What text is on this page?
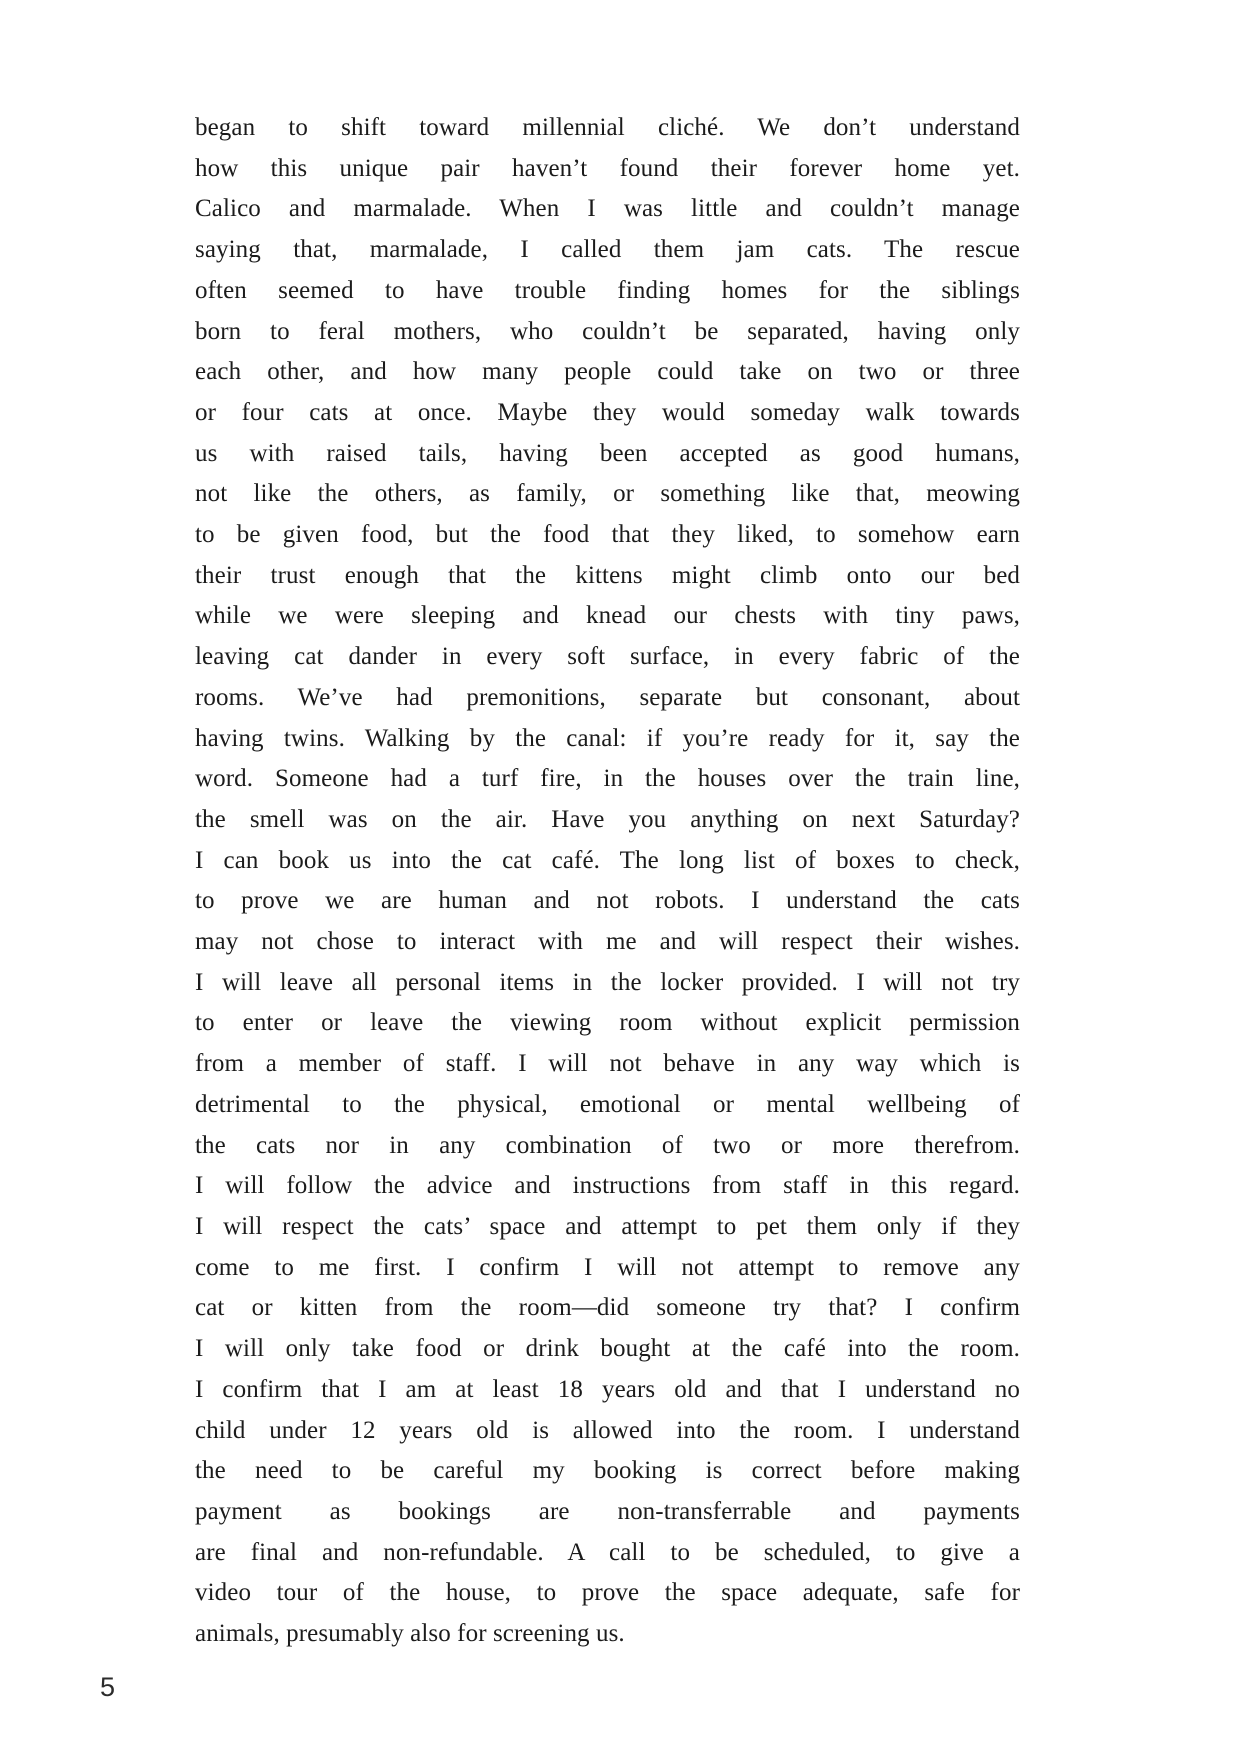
began to shift toward millennial cliché. We don’t understand
how this unique pair haven’t found their forever home yet.
Calico and marmalade. When I was little and couldn’t manage
saying that, marmalade, I called them jam cats. The rescue
often seemed to have trouble finding homes for the siblings
born to feral mothers, who couldn’t be separated, having only
each other, and how many people could take on two or three
or four cats at once. Maybe they would someday walk towards
us with raised tails, having been accepted as good humans,
not like the others, as family, or something like that, meowing
to be given food, but the food that they liked, to somehow earn
their trust enough that the kittens might climb onto our bed
while we were sleeping and knead our chests with tiny paws,
leaving cat dander in every soft surface, in every fabric of the
rooms. We’ve had premonitions, separate but consonant, about
having twins. Walking by the canal: if you’re ready for it, say the
word. Someone had a turf fire, in the houses over the train line,
the smell was on the air. Have you anything on next Saturday?
I can book us into the cat café. The long list of boxes to check,
to prove we are human and not robots. I understand the cats
may not chose to interact with me and will respect their wishes.
I will leave all personal items in the locker provided. I will not try
to enter or leave the viewing room without explicit permission
from a member of staff. I will not behave in any way which is
detrimental to the physical, emotional or mental wellbeing of
the cats nor in any combination of two or more therefrom.
I will follow the advice and instructions from staff in this regard.
I will respect the cats’ space and attempt to pet them only if they
come to me first. I confirm I will not attempt to remove any
cat or kitten from the room—did someone try that? I confirm
I will only take food or drink bought at the café into the room.
I confirm that I am at least 18 years old and that I understand no
child under 12 years old is allowed into the room. I understand
the need to be careful my booking is correct before making
payment as bookings are non-transferrable and payments
are final and non-refundable. A call to be scheduled, to give a
video tour of the house, to prove the space adequate, safe for
animals, presumably also for screening us.
5
